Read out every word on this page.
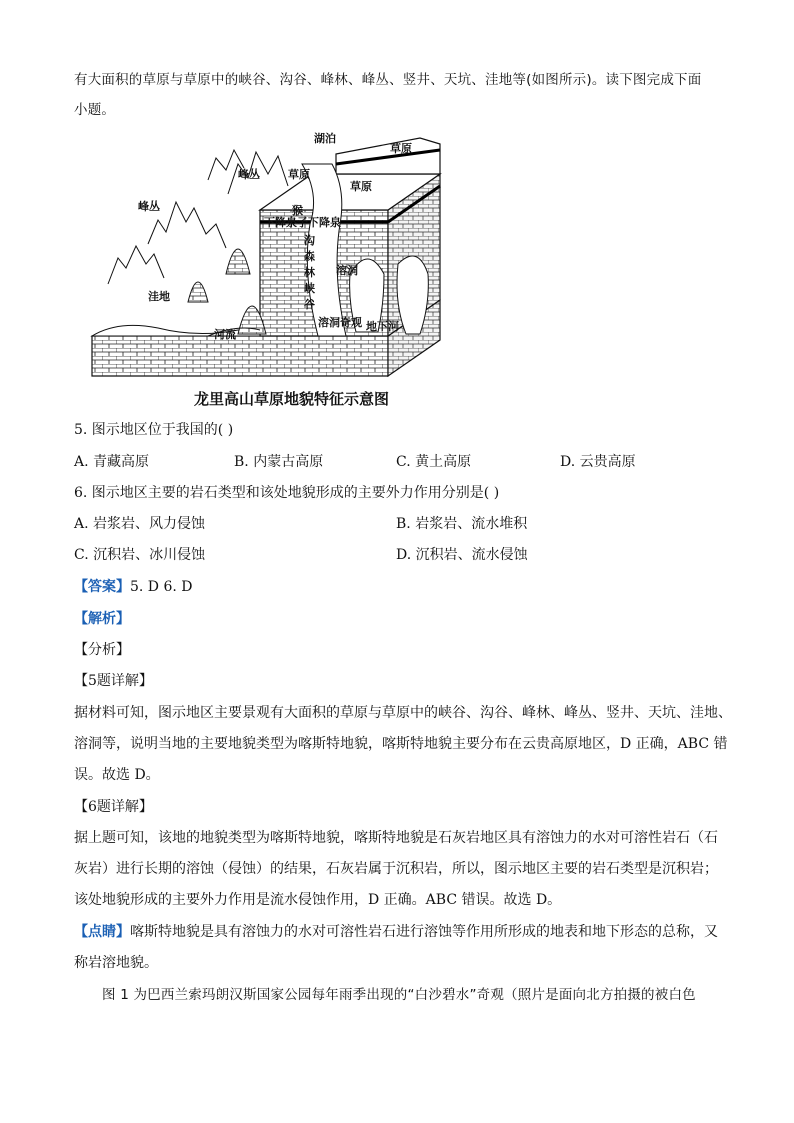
有大面积的草原与草原中的峡谷、沟谷、峰林、峰丛、竖井、天坑、洼地等(如图所示)。读下图完成下面
小题。
湖泊
草原
草原
草原
峰丛
峰丛	猴
下降泉子下降泉
沟
森
林
峡
谷
溶洞
洼地
河流
溶洞奇观 地下河
龙里高山草原地貌特征示意图
5. 图示地区位于我国的( )
A. 青藏高原	B. 内蒙古高原	C. 黄土高原	D. 云贵高原
6. 图示地区主要的岩石类型和该处地貌形成的主要外力作用分别是( )
A. 岩浆岩、风力侵蚀	B. 岩浆岩、流水堆积
C. 沉积岩、冰川侵蚀	D. 沉积岩、流水侵蚀
【答案】5. D 6. D
【解析】
【分析】
【5题详解】
据材料可知，图示地区主要景观有大面积的草原与草原中的峡谷、沟谷、峰林、峰丛、竖井、天坑、洼地、
溶洞等，说明当地的主要地貌类型为喀斯特地貌，喀斯特地貌主要分布在云贵高原地区，D 正确，ABC 错
误。故选 D。
【6题详解】
据上题可知，该地的地貌类型为喀斯特地貌，喀斯特地貌是石灰岩地区具有溶蚀力的水对可溶性岩石（石
灰岩）进行长期的溶蚀（侵蚀）的结果，石灰岩属于沉积岩，所以，图示地区主要的岩石类型是沉积岩；
该处地貌形成的主要外力作用是流水侵蚀作用，D 正确。ABC 错误。故选 D。
【点睛】喀斯特地貌是具有溶蚀力的水对可溶性岩石进行溶蚀等作用所形成的地表和地下形态的总称，又
称岩溶地貌。
图 1 为巴西兰索玛朗汉斯国家公园每年雨季出现的“白沙碧水”奇观（照片是面向北方拍摄的被白色
